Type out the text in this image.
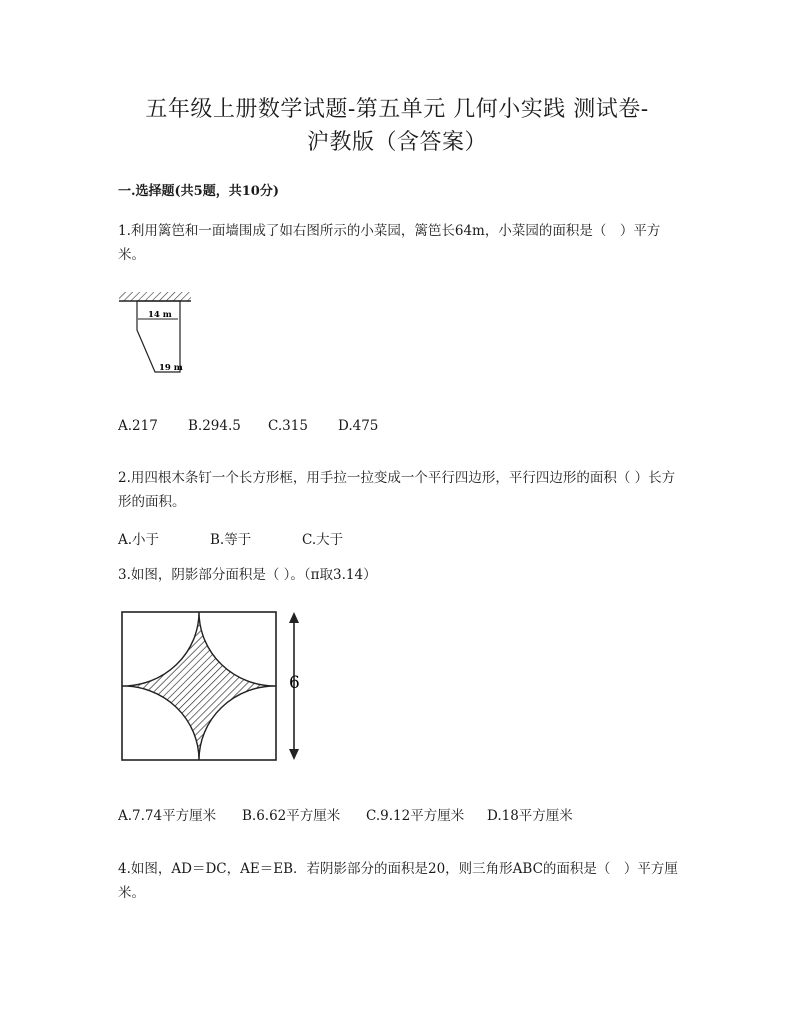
五年级上册数学试题-第五单元 几何小实践 测试卷-
沪教版（含答案）
一.选择题(共5题，共10分)
1.利用篱笆和一面墙围成了如右图所示的小菜园，篱笆长64m，小菜园的面积是（　）平方米。
14 m
19 m
A.217 B.294.5 C.315 D.475
2.用四根木条钉一个长方形框，用手拉一拉变成一个平行四边形，平行四边形的面积（ ）长方形的面积。
A.小于	B.等于	C.大于
3.如图，阴影部分面积是（ ）。（π取3.14）
6
A.7.74平方厘米 B.6.62平方厘米 C.9.12平方厘米 D.18平方厘米
4.如图，AD＝DC，AE＝EB．若阴影部分的面积是20，则三角形ABC的面积是（　）平方厘米。
